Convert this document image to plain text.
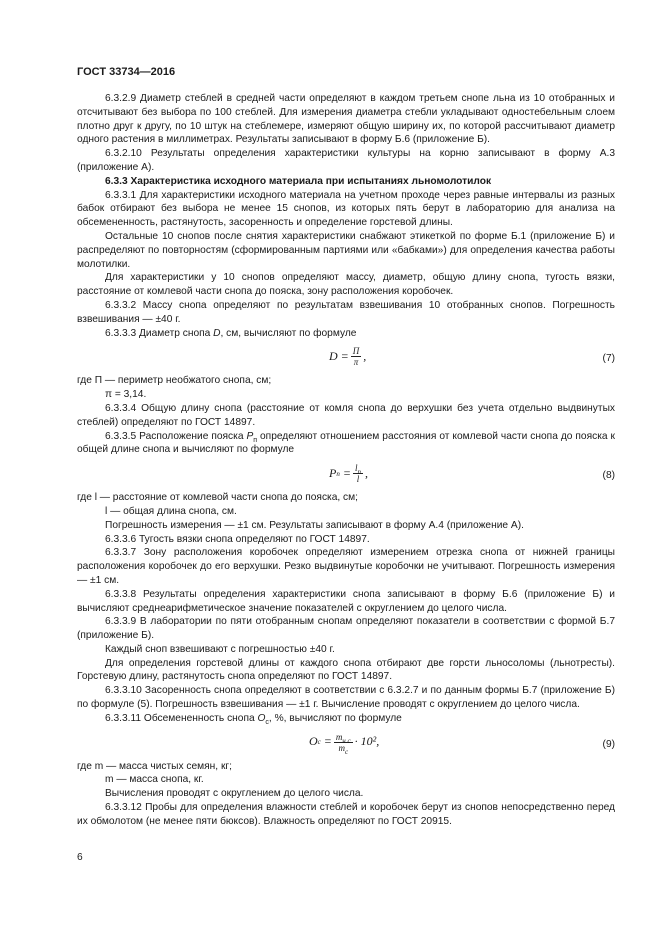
ГОСТ 33734—2016

6.3.2.9 Диаметр стеблей в средней части определяют в каждом третьем снопе льна из 10 отобранных и отсчитывают без выбора по 100 стеблей. Для измерения диаметра стебли укладывают одностебельным слоем плотно друг к другу, по 10 штук на стеблемере, измеряют общую ширину их, по которой рассчитывают диаметр одного растения в миллиметрах. Результаты записывают в форму Б.6 (приложение Б).

6.3.2.10 Результаты определения характеристики культуры на корню записывают в форму А.3 (приложение А).

6.3.3 Характеристика исходного материала при испытаниях льномолотилок

6.3.3.1 Для характеристики исходного материала на учетном проходе через равные интервалы из разных бабок отбирают без выбора не менее 15 снопов, из которых пять берут в лабораторию для анализа на обсемененность, растянутость, засоренность и определение горстевой длины.

Остальные 10 снопов после снятия характеристики снабжают этикеткой по форме Б.1 (приложение Б) и распределяют по повторностям (сформированным партиями или «бабками») для определения качества работы молотилки.

Для характеристики у 10 снопов определяют массу, диаметр, общую длину снопа, тугость вязки, расстояние от комлевой части снопа до пояска, зону расположения коробочек.

6.3.3.2 Массу снопа определяют по результатам взвешивания 10 отобранных снопов. Погрешность взвешивания — ±40 г.

6.3.3.3 Диаметр снопа D, см, вычисляют по формуле

D
= $\frac{П}{\pi}$ ,	(7)

где П — периметр необжатого снопа, см;

π = 3,14.

6.3.3.4 Общую длину снопа (расстояние от комля снопа до верхушки без учета отдельно выдвинутых стеблей) определяют по ГОСТ 14897.

6.3.3.5 Расположение пояска $P_п$ определяют отношением расстояния от комлевой части снопа до пояска к общей длине снопа и вычисляют по формуле

P п
= $\frac{l_п}{l}$ ,	(8)

где l — расстояние от комлевой части снопа до пояска, см;

l — общая длина снопа, см.

Погрешность измерения — ±1 см. Результаты записывают в форму А.4 (приложение А).

6.3.3.6 Тугость вязки снопа определяют по ГОСТ 14897.

6.3.3.7 Зону расположения коробочек определяют измерением отрезка снопа от нижней границы расположения коробочек до его верхушки. Резко выдвинутые коробочки не учитывают. Погрешность измерения — ±1 см.

6.3.3.8 Результаты определения характеристики снопа записывают в форму Б.6 (приложение Б) и вычисляют среднеарифметическое значение показателей с округлением до целого числа.

6.3.3.9 В лаборатории по пяти отобранным снопам определяют показатели в соответствии с формой Б.7 (приложение Б).

Каждый сноп взвешивают с погрешностью ±40 г.

Для определения горстевой длины от каждого снопа отбирают две горсти льносоломы (льнотресты). Горстевую длину, растянутость снопа определяют по ГОСТ 14897.

6.3.3.10 Засоренность снопа определяют в соответствии с 6.3.2.7 и по данным формы Б.7 (приложение Б) по формуле (5). Погрешность взвешивания — ±1 г. Вычисление проводят с округлением до целого числа.

6.3.3.11 Обсемененность снопа $O_с$, %, вычисляют по формуле

O с
= $\frac{m_{ч.с}}{m_с} \cdot 10^2$,	(9)

где m — масса чистых семян, кг;

m — масса снопа, кг.

Вычисления проводят с округлением до целого числа.

6.3.3.12 Пробы для определения влажности стеблей и коробочек берут из снопов непосредственно перед их обмолотом (не менее пяти бюксов). Влажность определяют по ГОСТ 20915.

6
